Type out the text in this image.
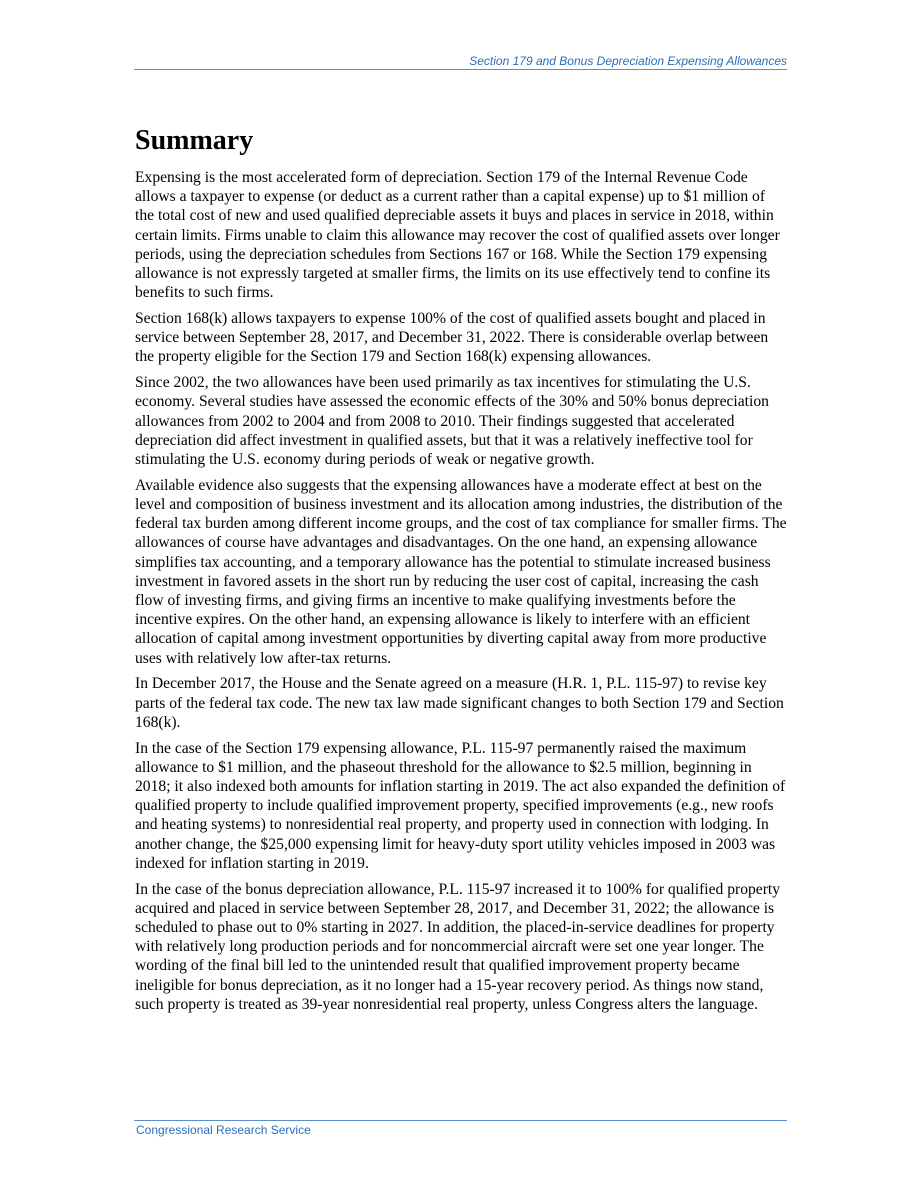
Section 179 and Bonus Depreciation Expensing Allowances
Summary

Expensing is the most accelerated form of depreciation. Section 179 of the Internal Revenue Code allows a taxpayer to expense (or deduct as a current rather than a capital expense) up to $1 million of the total cost of new and used qualified depreciable assets it buys and places in service in 2018, within certain limits. Firms unable to claim this allowance may recover the cost of qualified assets over longer periods, using the depreciation schedules from Sections 167 or 168. While the Section 179 expensing allowance is not expressly targeted at smaller firms, the limits on its use effectively tend to confine its benefits to such firms.

Section 168(k) allows taxpayers to expense 100% of the cost of qualified assets bought and placed in service between September 28, 2017, and December 31, 2022. There is considerable overlap between the property eligible for the Section 179 and Section 168(k) expensing allowances.

Since 2002, the two allowances have been used primarily as tax incentives for stimulating the U.S. economy. Several studies have assessed the economic effects of the 30% and 50% bonus depreciation allowances from 2002 to 2004 and from 2008 to 2010. Their findings suggested that accelerated depreciation did affect investment in qualified assets, but that it was a relatively ineffective tool for stimulating the U.S. economy during periods of weak or negative growth.

Available evidence also suggests that the expensing allowances have a moderate effect at best on the level and composition of business investment and its allocation among industries, the distribution of the federal tax burden among different income groups, and the cost of tax compliance for smaller firms. The allowances of course have advantages and disadvantages. On the one hand, an expensing allowance simplifies tax accounting, and a temporary allowance has the potential to stimulate increased business investment in favored assets in the short run by reducing the user cost of capital, increasing the cash flow of investing firms, and giving firms an incentive to make qualifying investments before the incentive expires. On the other hand, an expensing allowance is likely to interfere with an efficient allocation of capital among investment opportunities by diverting capital away from more productive uses with relatively low after-tax returns.

In December 2017, the House and the Senate agreed on a measure (H.R. 1, P.L. 115-97) to revise key parts of the federal tax code. The new tax law made significant changes to both Section 179 and Section 168(k).

In the case of the Section 179 expensing allowance, P.L. 115-97 permanently raised the maximum allowance to $1 million, and the phaseout threshold for the allowance to $2.5 million, beginning in 2018; it also indexed both amounts for inflation starting in 2019. The act also expanded the definition of qualified property to include qualified improvement property, specified improvements (e.g., new roofs and heating systems) to nonresidential real property, and property used in connection with lodging. In another change, the $25,000 expensing limit for heavy-duty sport utility vehicles imposed in 2003 was indexed for inflation starting in 2019.

In the case of the bonus depreciation allowance, P.L. 115-97 increased it to 100% for qualified property acquired and placed in service between September 28, 2017, and December 31, 2022; the allowance is scheduled to phase out to 0% starting in 2027. In addition, the placed-in-service deadlines for property with relatively long production periods and for noncommercial aircraft were set one year longer. The wording of the final bill led to the unintended result that qualified improvement property became ineligible for bonus depreciation, as it no longer had a 15-year recovery period. As things now stand, such property is treated as 39-year nonresidential real property, unless Congress alters the language.

Congressional Research Service
